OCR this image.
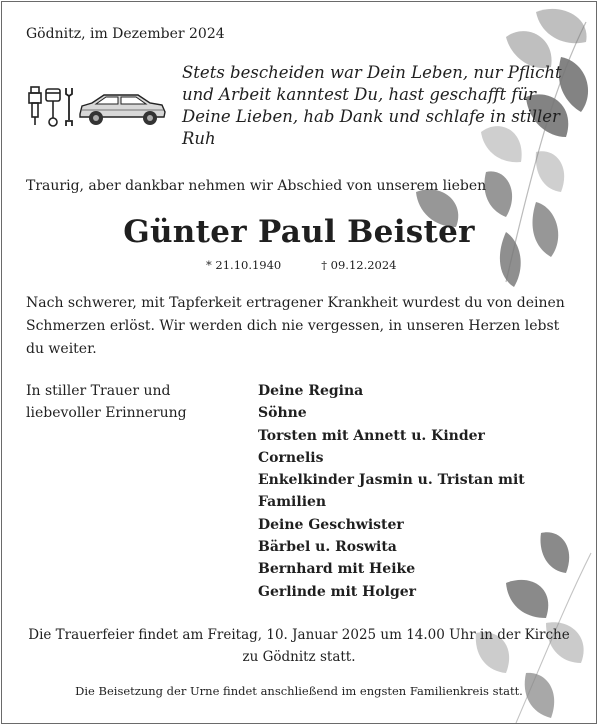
Gödnitz, im Dezember 2024
Stets bescheiden war Dein Leben, nur Pflicht
und Arbeit kanntest Du, hast geschafft für
Deine Lieben, hab Dank und schlafe in stiller
Ruh
Traurig, aber dankbar nehmen wir Abschied von unserem lieben
Günter Paul Beister
* 21.10.1940	† 09.12.2024
Nach schwerer, mit Tapferkeit ertragener Krankheit wurdest du von deinen Schmerzen erlöst. Wir werden dich nie vergessen, in unseren Herzen lebst du weiter.
In stiller Trauer und
liebevoller Erinnerung
Deine Regina
Söhne
Torsten mit Annett u. Kinder
Cornelis
Enkelkinder Jasmin u. Tristan mit
Familien
Deine Geschwister
Bärbel u. Roswita
Bernhard mit Heike
Gerlinde mit Holger
Die Trauerfeier findet am Freitag, 10. Januar 2025 um 14.00 Uhr in der Kirche
zu Gödnitz statt.
Die Beisetzung der Urne findet anschließend im engsten Familienkreis statt.
